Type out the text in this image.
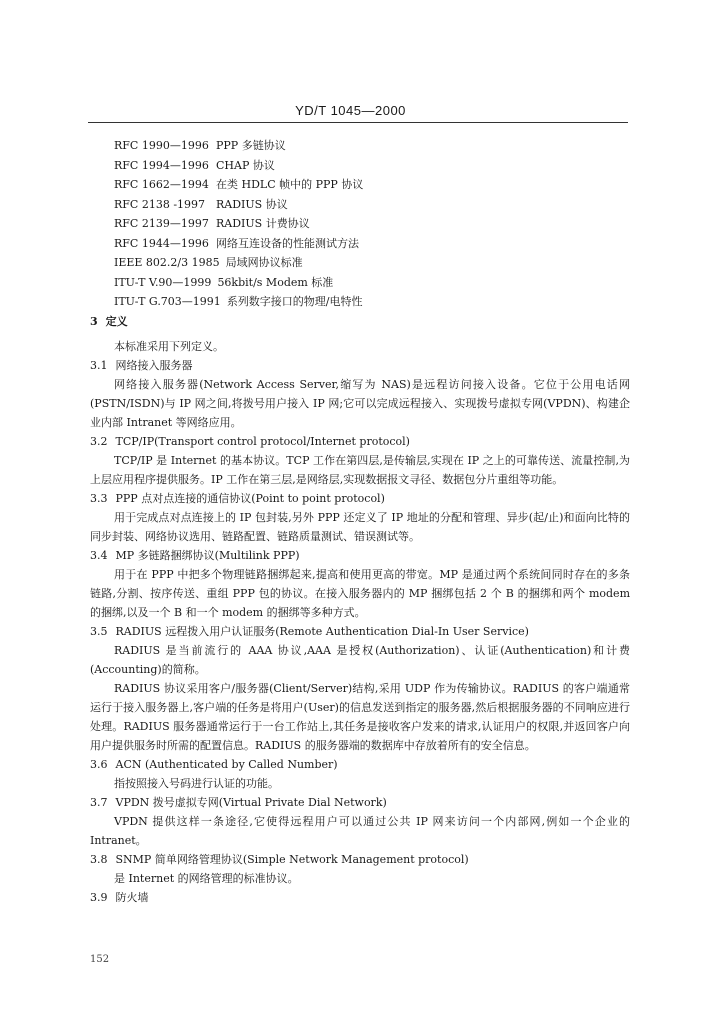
YD/T 1045—2000
RFC 1990—1996 PPP 多链协议
RFC 1994—1996 CHAP 协议
RFC 1662—1994 在类 HDLC 帧中的 PPP 协议
RFC 2138 -1997 RADIUS 协议
RFC 2139—1997 RADIUS 计费协议
RFC 1944—1996 网络互连设备的性能测试方法
IEEE 802.2/3 1985 局域网协议标准
ITU-T V.90—1999 56kbit/s Modem 标准
ITU-T G.703—1991 系列数字接口的物理/电特性
3 定义

本标准采用下列定义。

3.1 网络接入服务器

网络接入服务器(Network Access Server,缩写为 NAS)是远程访问接入设备。它位于公用电话网(PSTN/ISDN)与 IP 网之间,将拨号用户接入 IP 网;它可以完成远程接入、实现拨号虚拟专网(VPDN)、构建企业内部 Intranet 等网络应用。

3.2 TCP/IP(Transport control protocol/Internet protocol)

TCP/IP 是 Internet 的基本协议。TCP 工作在第四层,是传输层,实现在 IP 之上的可靠传送、流量控制,为上层应用程序提供服务。IP 工作在第三层,是网络层,实现数据报文寻径、数据包分片重组等功能。

3.3 PPP 点对点连接的通信协议(Point to point protocol)

用于完成点对点连接上的 IP 包封装,另外 PPP 还定义了 IP 地址的分配和管理、异步(起/止)和面向比特的同步封装、网络协议选用、链路配置、链路质量测试、错误测试等。

3.4 MP 多链路捆绑协议(Multilink PPP)

用于在 PPP 中把多个物理链路捆绑起来,提高和使用更高的带宽。MP 是通过两个系统间同时存在的多条链路,分割、按序传送、重组 PPP 包的协议。在接入服务器内的 MP 捆绑包括 2 个 B 的捆绑和两个 modem 的捆绑,以及一个 B 和一个 modem 的捆绑等多种方式。

3.5 RADIUS 远程拨入用户认证服务(Remote Authentication Dial-In User Service)

RADIUS 是当前流行的 AAA 协议,AAA 是授权(Authorization)、认证(Authentication)和计费(Accounting)的简称。

RADIUS 协议采用客户/服务器(Client/Server)结构,采用 UDP 作为传输协议。RADIUS 的客户端通常运行于接入服务器上,客户端的任务是将用户(User)的信息发送到指定的服务器,然后根据服务器的不同响应进行处理。RADIUS 服务器通常运行于一台工作站上,其任务是接收客户发来的请求,认证用户的权限,并返回客户向用户提供服务时所需的配置信息。RADIUS 的服务器端的数据库中存放着所有的安全信息。

3.6 ACN (Authenticated by Called Number)

指按照接入号码进行认证的功能。

3.7 VPDN 拨号虚拟专网(Virtual Private Dial Network)

VPDN 提供这样一条途径,它使得远程用户可以通过公共 IP 网来访问一个内部网,例如一个企业的 Intranet。

3.8 SNMP 简单网络管理协议(Simple Network Management protocol)

是 Internet 的网络管理的标准协议。

3.9 防火墙
152
